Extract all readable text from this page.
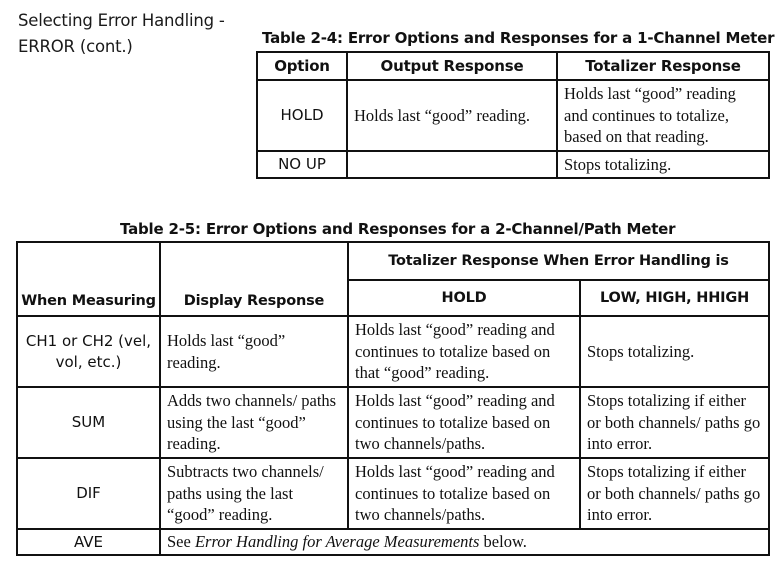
Selecting Error Handling -
ERROR (cont.)	Table 2-4: Error Options and Responses for a 1-Channel Meter
Option	Output Response	Totalizer Response
HOLD	Holds last “good” reading.	Holds last “good” reading and continues to totalize, based on that reading.
NO UP		Stops totalizing.
Table 2-5: Error Options and Responses for a 2-Channel/Path Meter
When Measuring	Display Response	Totalizer Response When Error Handling is	
		HOLD	LOW, HIGH, HHIGH
CH1 or CH2 (vel, vol, etc.)	Holds last “good” reading.	Holds last “good” reading and continues to totalize based on that “good” reading.	Stops totalizing.
SUM	Adds two channels/ paths using the last “good” reading.	Holds last “good” reading and continues to totalize based on two channels/paths.	Stops totalizing if either or both channels/ paths go into error.
DIF	Subtracts two channels/ paths using the last “good” reading.	Holds last “good” reading and continues to totalize based on two channels/paths.	Stops totalizing if either or both channels/ paths go into error.
AVE	See Error Handling for Average Measurements below.		
